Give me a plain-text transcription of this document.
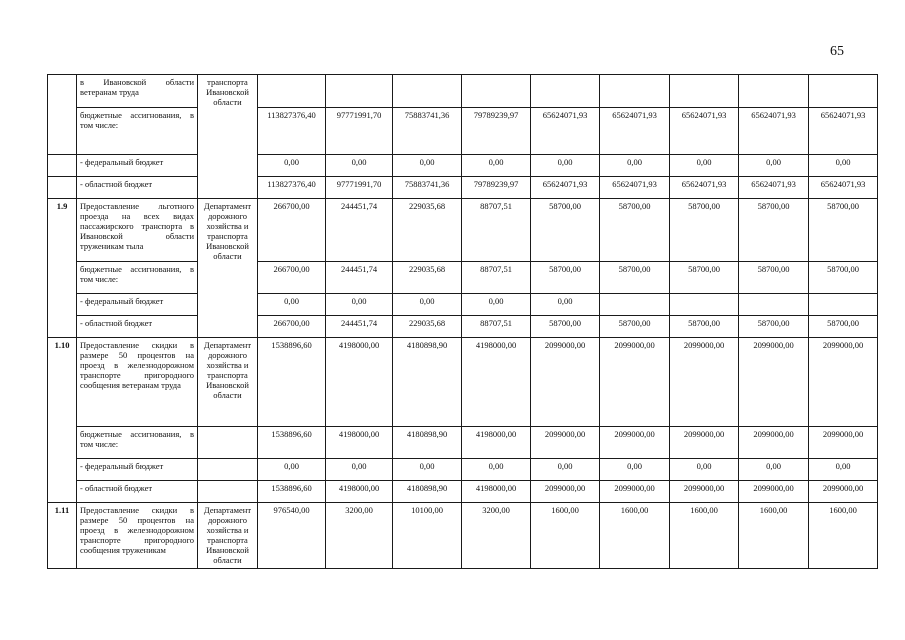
65
	в Ивановской области ветеранам труда	транспорта Ивановской области									
	бюджетные ассигнования, в том числе:		113827376,40	97771991,70	75883741,36	79789239,97	65624071,93	65624071,93	65624071,93	65624071,93	65624071,93
	- федеральный бюджет		0,00	0,00	0,00	0,00	0,00	0,00	0,00	0,00	0,00
	- областной бюджет		113827376,40	97771991,70	75883741,36	79789239,97	65624071,93	65624071,93	65624071,93	65624071,93	65624071,93
1.9	Предоставление льготного проезда на всех видах пассажирского транспорта в Ивановской области труженикам тыла	Департамент дорожного хозяйства и транспорта Ивановской области	266700,00	244451,74	229035,68	88707,51	58700,00	58700,00	58700,00	58700,00	58700,00
	бюджетные ассигнования, в том числе:		266700,00	244451,74	229035,68	88707,51	58700,00	58700,00	58700,00	58700,00	58700,00
	- федеральный бюджет		0,00	0,00	0,00	0,00	0,00				
	- областной бюджет		266700,00	244451,74	229035,68	88707,51	58700,00	58700,00	58700,00	58700,00	58700,00
1.10	Предоставление скидки в размере 50 процентов на проезд в железнодорожном транспорте пригородного сообщения ветеранам труда	Департамент дорожного хозяйства и транспорта Ивановской области	1538896,60	4198000,00	4180898,90	4198000,00	2099000,00	2099000,00	2099000,00	2099000,00	2099000,00
	бюджетные ассигнования, в том числе:		1538896,60	4198000,00	4180898,90	4198000,00	2099000,00	2099000,00	2099000,00	2099000,00	2099000,00
	- федеральный бюджет		0,00	0,00	0,00	0,00	0,00	0,00	0,00	0,00	0,00
	- областной бюджет		1538896,60	4198000,00	4180898,90	4198000,00	2099000,00	2099000,00	2099000,00	2099000,00	2099000,00
1.11	Предоставление скидки в размере 50 процентов на проезд в железнодорожном транспорте пригородного сообщения труженикам	Департамент дорожного хозяйства и транспорта Ивановской области	976540,00	3200,00	10100,00	3200,00	1600,00	1600,00	1600,00	1600,00	1600,00
